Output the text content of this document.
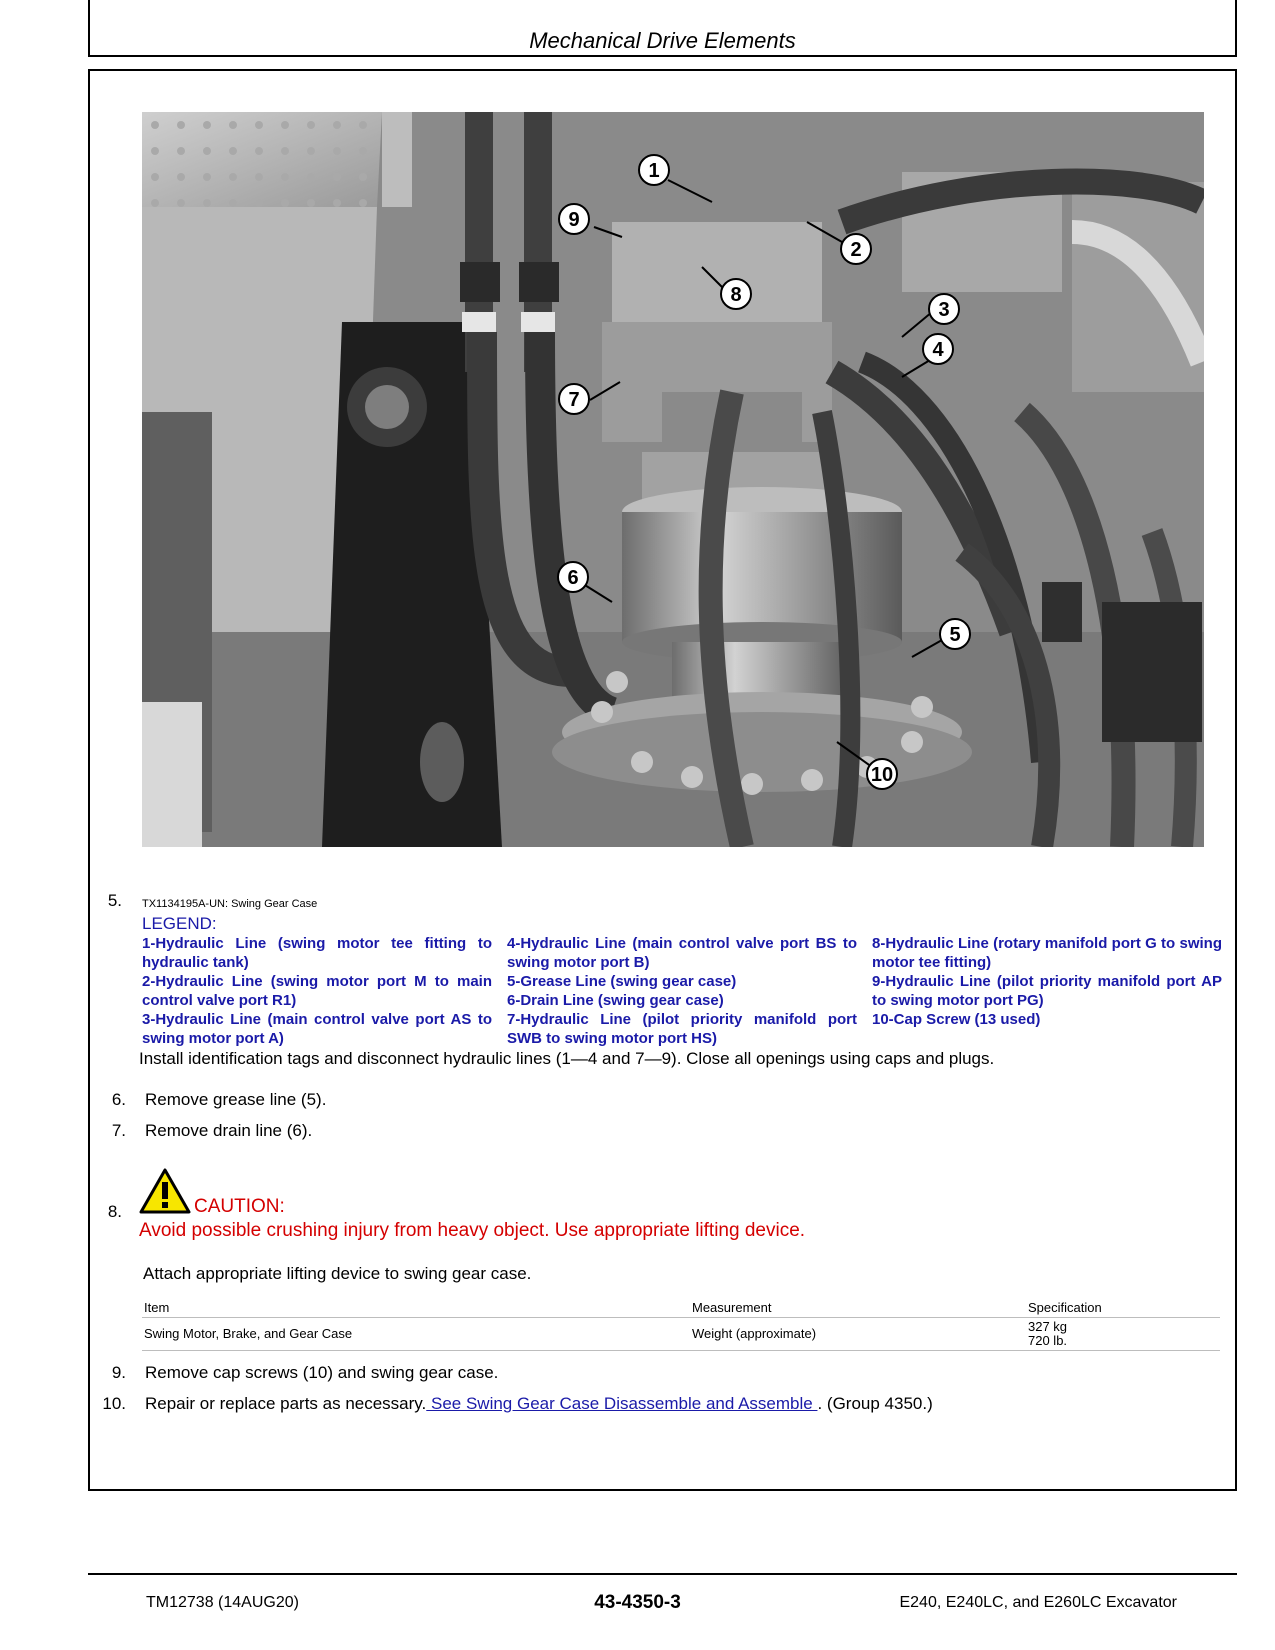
Mechanical Drive Elements
1
2
3
4
5
6
7
8
9
10
5. TX1134195A-UN: Swing Gear Case
LEGEND:

1-Hydraulic Line (swing motor tee fitting to hydraulic tank)

2-Hydraulic Line (swing motor port M to main control valve port R1)

3-Hydraulic Line (main control valve port AS to swing motor port A)

4-Hydraulic Line (main control valve port BS to swing motor port B)

5-Grease Line (swing gear case)

6-Drain Line (swing gear case)

7-Hydraulic Line (pilot priority manifold port SWB to swing motor port HS)

8-Hydraulic Line (rotary manifold port G to swing motor tee fitting)

9-Hydraulic Line (pilot priority manifold port AP to swing motor port PG)

10-Cap Screw (13 used)

Install identification tags and disconnect hydraulic lines (1—4 and 7—9). Close all openings using caps and plugs.
6. Remove grease line (5).
7. Remove drain line (6).
8.	CAUTION:
Avoid possible crushing injury from heavy object. Use appropriate lifting device.
Attach appropriate lifting device to swing gear case.
Item	Measurement	Specification
Swing Motor, Brake, and Gear Case	Weight (approximate)	327 kg
720 lb.
9. Remove cap screws (10) and swing gear case.
10. Repair or replace parts as necessary. See Swing Gear Case Disassemble and Assemble . (Group 4350.)
TM12738 (14AUG20)	43-4350-3	E240, E240LC, and E260LC Excavator
